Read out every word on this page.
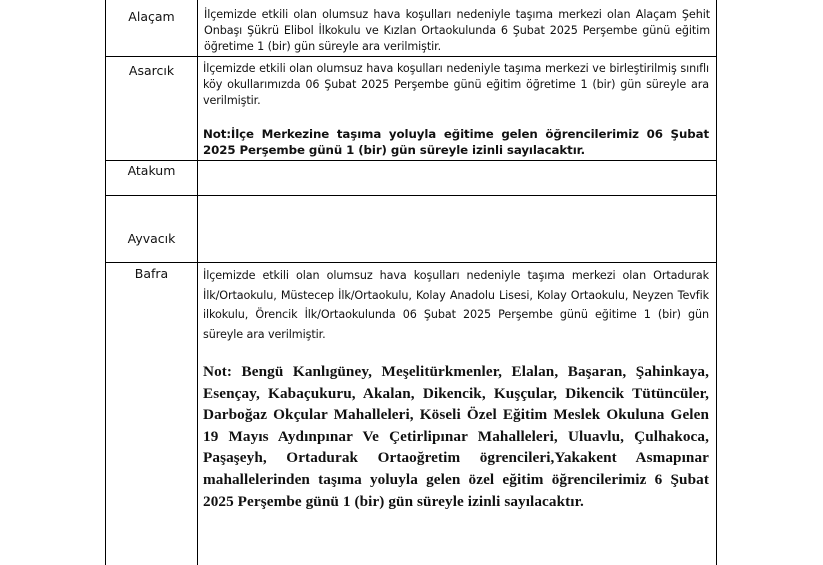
Alaçam	İlçemizde etkili olan olumsuz hava koşulları nedeniyle taşıma merkezi olan Alaçam Şehit Onbaşı Şükrü Elibol İlkokulu ve Kızlan Ortaokulunda 6 Şubat 2025 Perşembe günü eğitim öğretime 1 (bir) gün süreyle ara verilmiştir.

Asarcık	İlçemizde etkili olan olumsuz hava koşulları nedeniyle taşıma merkezi ve birleştirilmiş sınıflı köy okullarımızda 06 Şubat 2025 Perşembe günü eğitim öğretime 1 (bir) gün süreyle ara verilmiştir.

Not:İlçe Merkezine taşıma yoluyla eğitime gelen öğrencilerimiz 06 Şubat 2025 Perşembe günü 1 (bir) gün süreyle izinli sayılacaktır.

Atakum
Ayvacık
Bafra	İlçemizde etkili olan olumsuz hava koşulları nedeniyle taşıma merkezi olan Ortadurak İlk/Ortaokulu, Müstecep İlk/Ortaokulu, Kolay Anadolu Lisesi, Kolay Ortaokulu, Neyzen Tevfik ilkokulu, Örencik İlk/Ortaokulunda 06 Şubat 2025 Perşembe günü eğitime 1 (bir) gün süreyle ara verilmiştir.

Not: Bengü Kanlıgüney, Meşelitürkmenler, Elalan, Başaran, Şahinkaya, Esençay, Kabaçukuru, Akalan, Dikencik, Kuşçular, Dikencik Tütüncüler, Darboğaz Okçular Mahalleleri, Köseli Özel Eğitim Meslek Okuluna Gelen 19 Mayıs Aydınpınar Ve Çetirlipınar Mahalleleri, Uluavlu, Çulhakoca, Paşaşeyh, Ortadurak Ortaoğretim ögrencileri,Yakakent Asmapınar mahallelerinden taşıma yoluyla gelen özel eğitim öğrencilerimiz 6 Şubat 2025 Perşembe günü 1 (bir) gün süreyle izinli sayılacaktır.
